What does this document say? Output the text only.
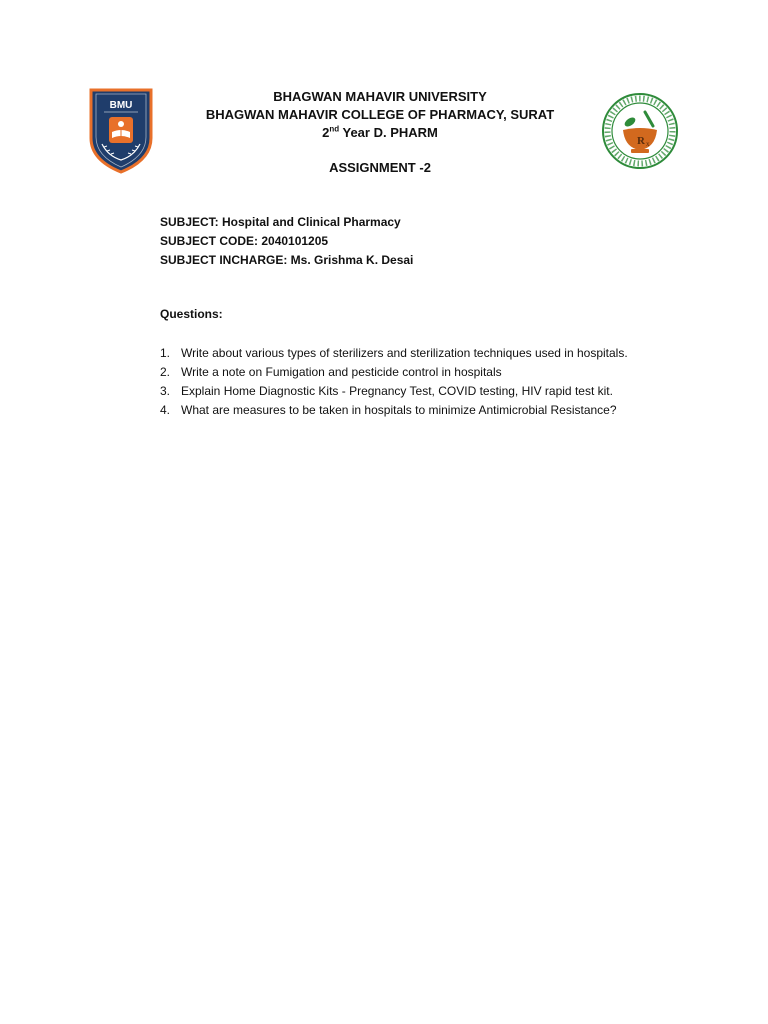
BMU
R x
BHAGWAN MAHAVIR UNIVERSITY
BHAGWAN MAHAVIR COLLEGE OF PHARMACY, SURAT
2nd Year D. PHARM
ASSIGNMENT -2
SUBJECT: Hospital and Clinical Pharmacy
SUBJECT CODE: 2040101205
SUBJECT INCHARGE: Ms. Grishma K. Desai
Questions:
1. Write about various types of sterilizers and sterilization techniques used in hospitals.
2. Write a note on Fumigation and pesticide control in hospitals
3. Explain Home Diagnostic Kits - Pregnancy Test, COVID testing, HIV rapid test kit.
4. What are measures to be taken in hospitals to minimize Antimicrobial Resistance?
